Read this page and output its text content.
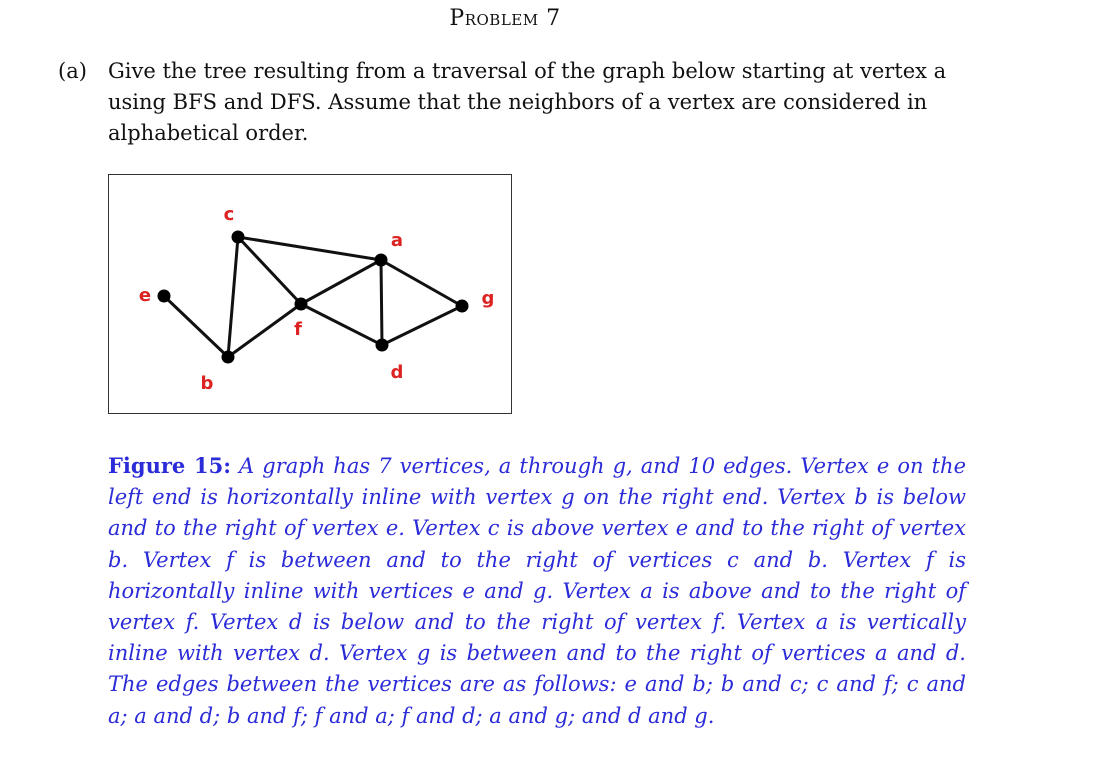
Problem 7
(a) Give the tree resulting from a traversal of the graph below starting at vertex a using BFS and DFS. Assume that the neighbors of a vertex are considered in alphabetical order.
a
b
c
d
e
f
g
Figure 15: A graph has 7 vertices, a through g, and 10 edges. Vertex e on the left end is horizontally inline with vertex g on the right end. Vertex b is below and to the right of vertex e. Vertex c is above vertex e and to the right of vertex b. Vertex f is between and to the right of vertices c and b. Vertex f is horizontally inline with vertices e and g. Vertex a is above and to the right of vertex f. Vertex d is below and to the right of vertex f. Vertex a is vertically inline with vertex d. Vertex g is between and to the right of vertices a and d. The edges between the vertices are as follows: e and b; b and c; c and f; c and a; a and d; b and f; f and a; f and d; a and g; and d and g.
